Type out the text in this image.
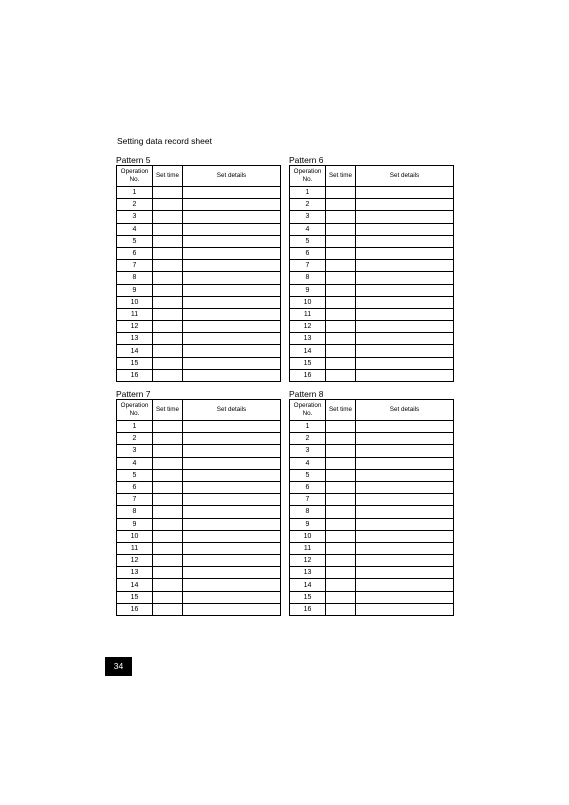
Setting data record sheet
Pattern 5
Operation
No.	Set time	Set details
1		
2		
3		
4		
5		
6		
7		
8		
9		
10		
11		
12		
13		
14		
15		
16		
Pattern 6
Operation
No.	Set time	Set details
1		
2		
3		
4		
5		
6		
7		
8		
9		
10		
11		
12		
13		
14		
15		
16		
Pattern 7
Operation
No.	Set time	Set details
1		
2		
3		
4		
5		
6		
7		
8		
9		
10		
11		
12		
13		
14		
15		
16		
Pattern 8
Operation
No.	Set time	Set details
1		
2		
3		
4		
5		
6		
7		
8		
9		
10		
11		
12		
13		
14		
15		
16		
34
